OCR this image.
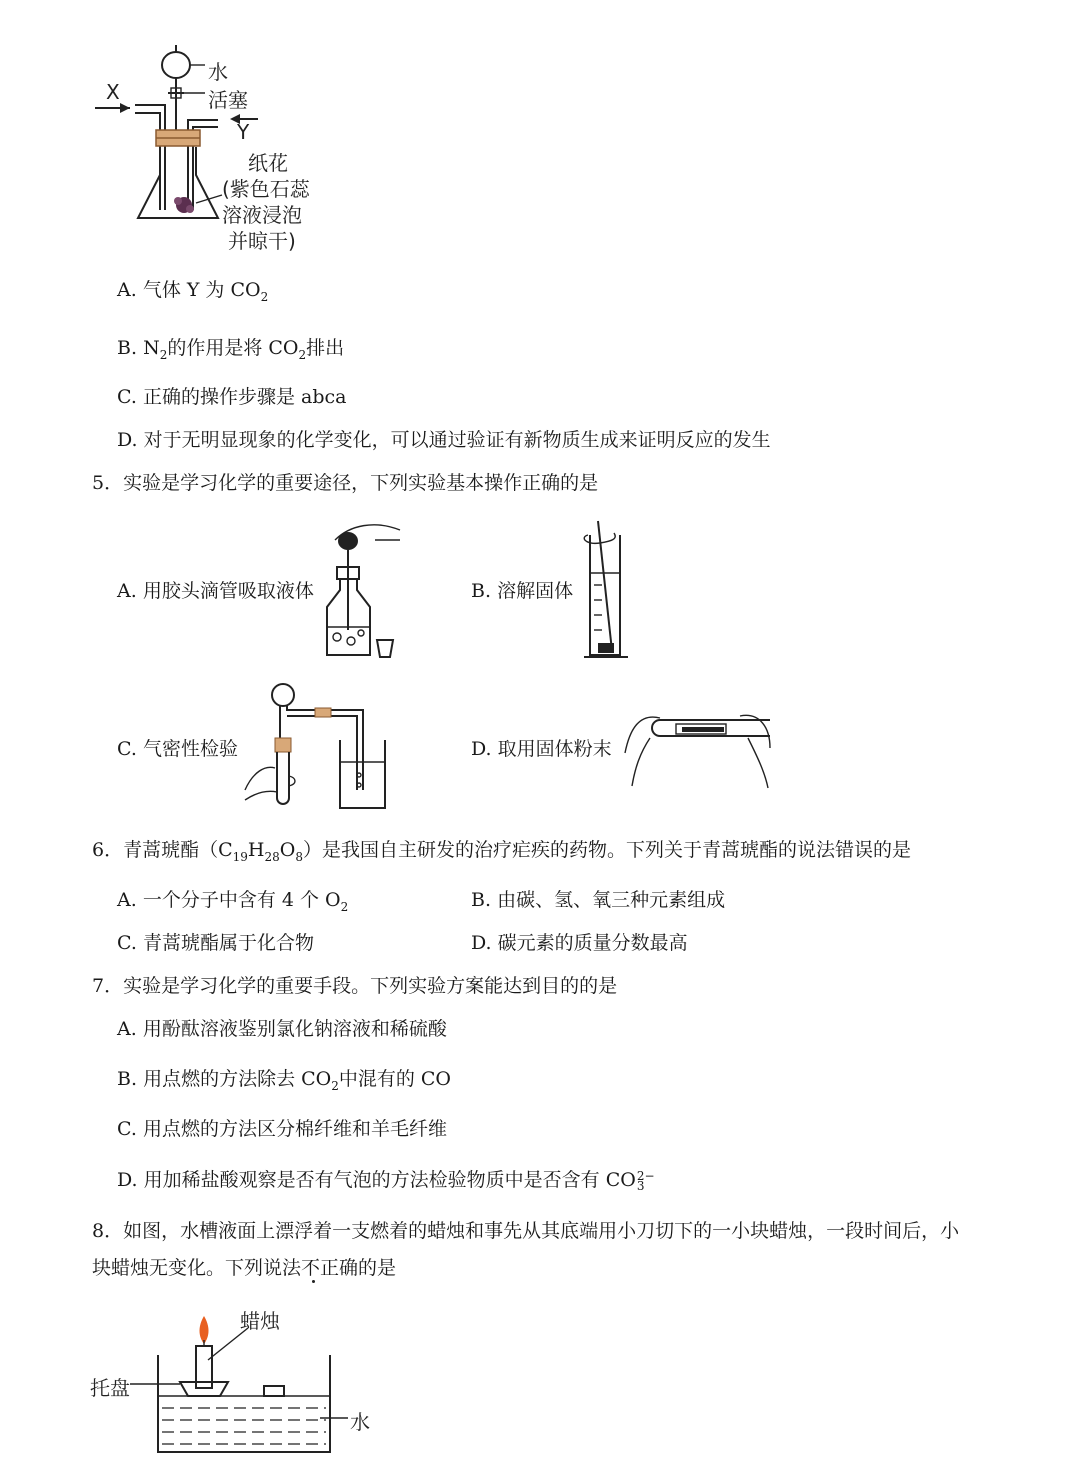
水
活塞
X
Y
纸花
(紫色石蕊
溶液浸泡
并晾干)
A. 气体 Y 为 $CO_2$
B. $N_2$的作用是将 $CO_2$排出
C. 正确的操作步骤是 abca
D. 对于无明显现象的化学变化，可以通过验证有新物质生成来证明反应的发生
5．实验是学习化学的重要途径，下列实验基本操作正确的是
A. 用胶头滴管吸取液体	B. 溶解固体
C. 气密性检验	D. 取用固体粉末
6．青蒿琥酯$(C_{19}H_{28}O_8)$是我国自主研发的治疗疟疾的药物。下列关于青蒿琥酯的说法错误的是
A. 一个分子中含有 4 个 $O_2$	B. 由碳、氢、氧三种元素组成
C. 青蒿琥酯属于化合物	D. 碳元素的质量分数最高
7．实验是学习化学的重要手段。下列实验方案能达到目的的是
A. 用酚酞溶液鉴别氯化钠溶液和稀硫酸
B. 用点燃的方法除去 $CO_2$中混有的 CO
C. 用点燃的方法区分棉纤维和羊毛纤维
D. 用加稀盐酸观察是否有气泡的方法检验物质中是否含有 CO 2−
3
8．如图，水槽液面上漂浮着一支燃着的蜡烛和事先从其底端用小刀切下的一小块蜡烛，一段时间后，小
块蜡烛无变化。下列说法不正确的是
蜡烛
托盘
水
